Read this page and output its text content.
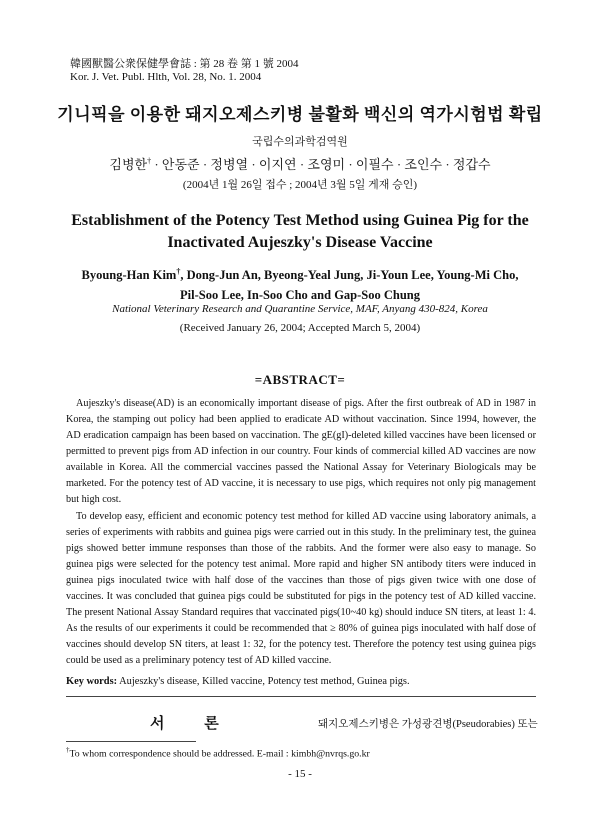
韓國獸醫公衆保健學會誌 : 第 28 卷 第 1 號 2004
Kor. J. Vet. Publ. Hlth, Vol. 28, No. 1. 2004
기니픽을 이용한 돼지오제스키병 불활화 백신의 역가시험법 확립
국립수의과학검역원
김병한† · 안동준 · 정병열 · 이지연 · 조영미 · 이필수 · 조인수 · 정갑수
(2004년 1월 26일 접수 ; 2004년 3월 5일 게재 승인)
Establishment of the Potency Test Method using Guinea Pig for the
Inactivated Aujeszky's Disease Vaccine
Byoung-Han Kim†, Dong-Jun An, Byeong-Yeal Jung, Ji-Youn Lee, Young-Mi Cho,
Pil-Soo Lee, In-Soo Cho and Gap-Soo Chung
National Veterinary Research and Quarantine Service, MAF, Anyang 430-824, Korea
(Received January 26, 2004; Accepted March 5, 2004)
=ABSTRACT=

Aujeszky's disease(AD) is an economically important disease of pigs. After the first outbreak of AD in 1987 in Korea, the stamping out policy had been applied to eradicate AD without vaccination. Since 1994, however, the AD eradication campaign has been based on vaccination. The gE(gI)-deleted killed vaccines have been licensed or permitted to prevent pigs from AD infection in our country. Four kinds of commercial killed AD vaccines are now available in Korea. All the commercial vaccines passed the National Assay for Veterinary Biologicals may be marketed. For the potency test of AD vaccine, it is necessary to use pigs, which requires not only pig management but high cost.

To develop easy, efficient and economic potency test method for killed AD vaccine using laboratory animals, a series of experiments with rabbits and guinea pigs were carried out in this study. In the preliminary test, the guinea pigs showed better immune responses than those of the rabbits. And the former were also easy to manage. So guinea pigs were selected for the potency test animal. More rapid and higher SN antibody titers were induced in guinea pigs inoculated twice with half dose of the vaccines than those of pigs given twice with one dose of vaccines. It was concluded that guinea pigs could be substituted for pigs in the potency test of AD killed vaccine. The present National Assay Standard requires that vaccinated pigs(10~40 kg) should induce SN titers, at least 1: 4. As the results of our experiments it could be recommended that ≥ 80% of guinea pigs inoculated with half dose of vaccines should develop SN titers, at least 1: 32, for the potency test. Therefore the potency test using guinea pigs could be used as a preliminary potency test of AD killed vaccine.

Key words: Aujeszky's disease, Killed vaccine, Potency test method, Guinea pigs.
서 론	돼지오제스키병은 가성광견병(Pseudorabies) 또는
†To whom correspondence should be addressed. E-mail : kimbh@nvrqs.go.kr
- 15 -
